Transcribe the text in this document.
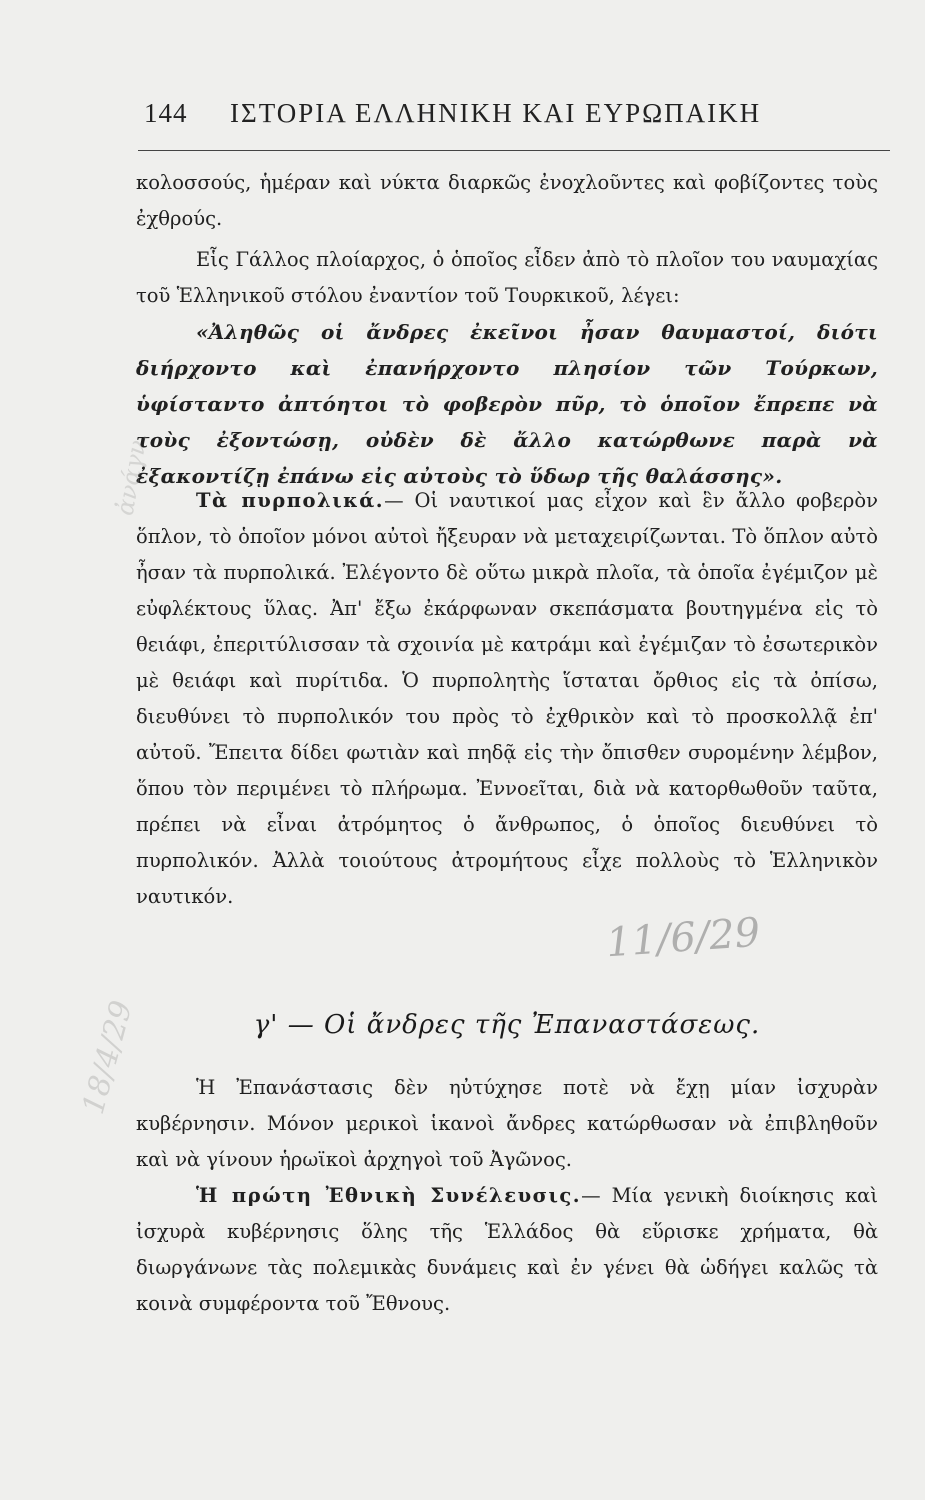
144 ΙΣΤΟΡΙΑ ΕΛΛΗΝΙΚΗ ΚΑΙ ΕΥΡΩΠΑΙΚΗ
κολοσσούς, ἡμέραν καὶ νύκτα διαρκῶς ἐνοχλοῦντες καὶ φοβίζοντες τοὺς ἐχθρούς.
Εἷς Γάλλος πλοίαρχος, ὁ ὁποῖος εἶδεν ἀπὸ τὸ πλοῖον του ναυμαχίας τοῦ Ἑλληνικοῦ στόλου ἐναντίον τοῦ Τουρκικοῦ, λέγει:
«Ἀληθῶς οἱ ἄνδρες ἐκεῖνοι ἦσαν θαυμαστοί, διότι διήρχοντο καὶ ἐπανήρχοντο πλησίον τῶν Τούρκων, ὑφίσταντο ἀπτόητοι τὸ φοβερὸν πῦρ, τὸ ὁποῖον ἔπρεπε νὰ τοὺς ἐξοντώσῃ, οὐδὲν δὲ ἄλλο κατώρθωνε παρὰ νὰ ἐξακοντίζῃ ἐπάνω εἰς αὐτοὺς τὸ ὕδωρ τῆς θαλάσσης».
Τὰ πυρπολικά.— Οἱ ναυτικοί μας εἶχον καὶ ἓν ἄλλο φοβερὸν ὅπλον, τὸ ὁποῖον μόνοι αὐτοὶ ἤξευραν νὰ μεταχειρίζωνται. Τὸ ὅπλον αὐτὸ ἦσαν τὰ πυρπολικά. Ἐλέγοντο δὲ οὕτω μικρὰ πλοῖα, τὰ ὁποῖα ἐγέμιζον μὲ εὐφλέκτους ὕλας. Ἀπ' ἔξω ἐκάρφωναν σκεπάσματα βουτηγμένα εἰς τὸ θειάφι, ἐπεριτύλισσαν τὰ σχοινία μὲ κατράμι καὶ ἐγέμιζαν τὸ ἐσωτερικὸν μὲ θειάφι καὶ πυρίτιδα. Ὁ πυρπολητὴς ἵσταται ὄρθιος εἰς τὰ ὀπίσω, διευθύνει τὸ πυρπολικόν του πρὸς τὸ ἐχθρικὸν καὶ τὸ προσκολλᾷ ἐπ' αὐτοῦ. Ἔπειτα δίδει φωτιὰν καὶ πηδᾷ εἰς τὴν ὄπισθεν συρομένην λέμβον, ὅπου τὸν περιμένει τὸ πλήρωμα. Ἐννοεῖται, διὰ νὰ κατορθωθοῦν ταῦτα, πρέπει νὰ εἶναι ἀτρόμητος ὁ ἄνθρωπος, ὁ ὁποῖος διευθύνει τὸ πυρπολικόν. Ἀλλὰ τοιούτους ἀτρομήτους εἶχε πολλοὺς τὸ Ἑλληνικὸν ναυτικόν.
γ' — Οἱ ἄνδρες τῆς Ἐπαναστάσεως.
Ἡ Ἐπανάστασις δὲν ηὐτύχησε ποτὲ νὰ ἔχῃ μίαν ἰσχυρὰν κυβέρνησιν. Μόνον μερικοὶ ἱκανοὶ ἄνδρες κατώρθωσαν νὰ ἐπιβληθοῦν καὶ νὰ γίνουν ἡρωϊκοὶ ἀρχηγοὶ τοῦ Ἀγῶνος.
Ἡ πρώτη Ἐθνικὴ Συνέλευσις.— Μία γενικὴ διοίκησις καὶ ἰσχυρὰ κυβέρνησις ὅλης τῆς Ἑλλάδος θὰ εὕρισκε χρήματα, θὰ διωργάνωνε τὰς πολεμικὰς δυνάμεις καὶ ἐν γένει θὰ ὡδήγει καλῶς τὰ κοινὰ συμφέροντα τοῦ Ἔθνους.
11/6/29
18/4/29
ἀνάγν.
